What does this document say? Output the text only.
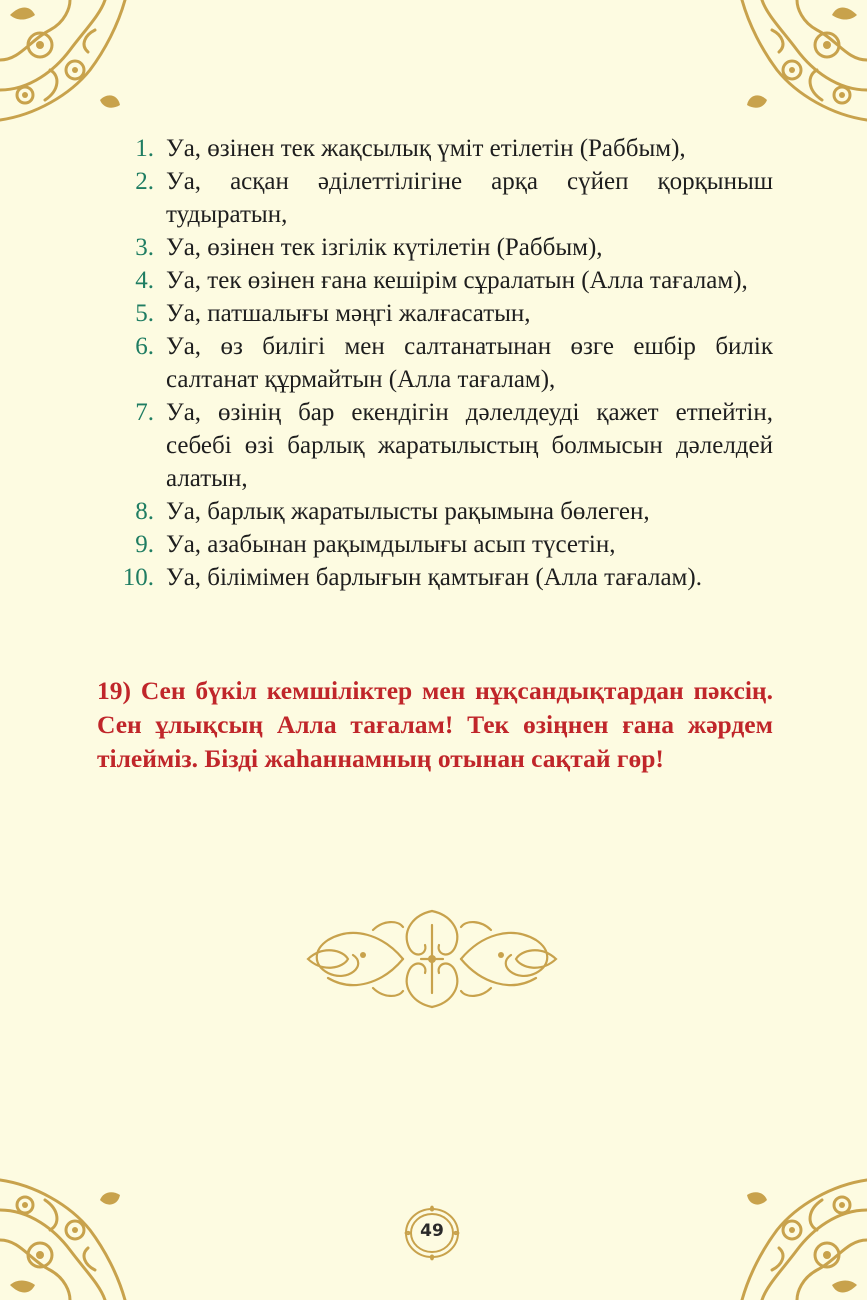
1. Уа, өзінен тек жақсылық үміт етілетін (Раббым),
2. Уа, асқан әділеттілігіне арқа сүйеп қорқыныш тудыратын,
3. Уа, өзінен тек ізгілік күтілетін (Раббым),
4. Уа, тек өзінен ғана кешірім сұралатын (Алла тағалам),
5. Уа, патшалығы мәңгі жалғасатын,
6. Уа, өз билігі мен салтанатынан өзге ешбір билік салтанат құрмайтын (Алла тағалам),
7. Уа, өзінің бар екендігін дәлелдеуді қажет етпейтін, себебі өзі барлық жаратылыстың болмысын дәлелдей алатын,
8. Уа, барлық жаратылысты рақымына бөлеген,
9. Уа, азабынан рақымдылығы асып түсетін,
10. Уа, білімімен барлығын қамтыған (Алла тағалам).

19) Сен бүкіл кемшіліктер мен нұқсандықтардан пәксің. Сен ұлықсың Алла тағалам! Тек өзіңнен ғана жәрдем тілейміз. Бізді жаһаннамның отынан сақтай гөр!

49
